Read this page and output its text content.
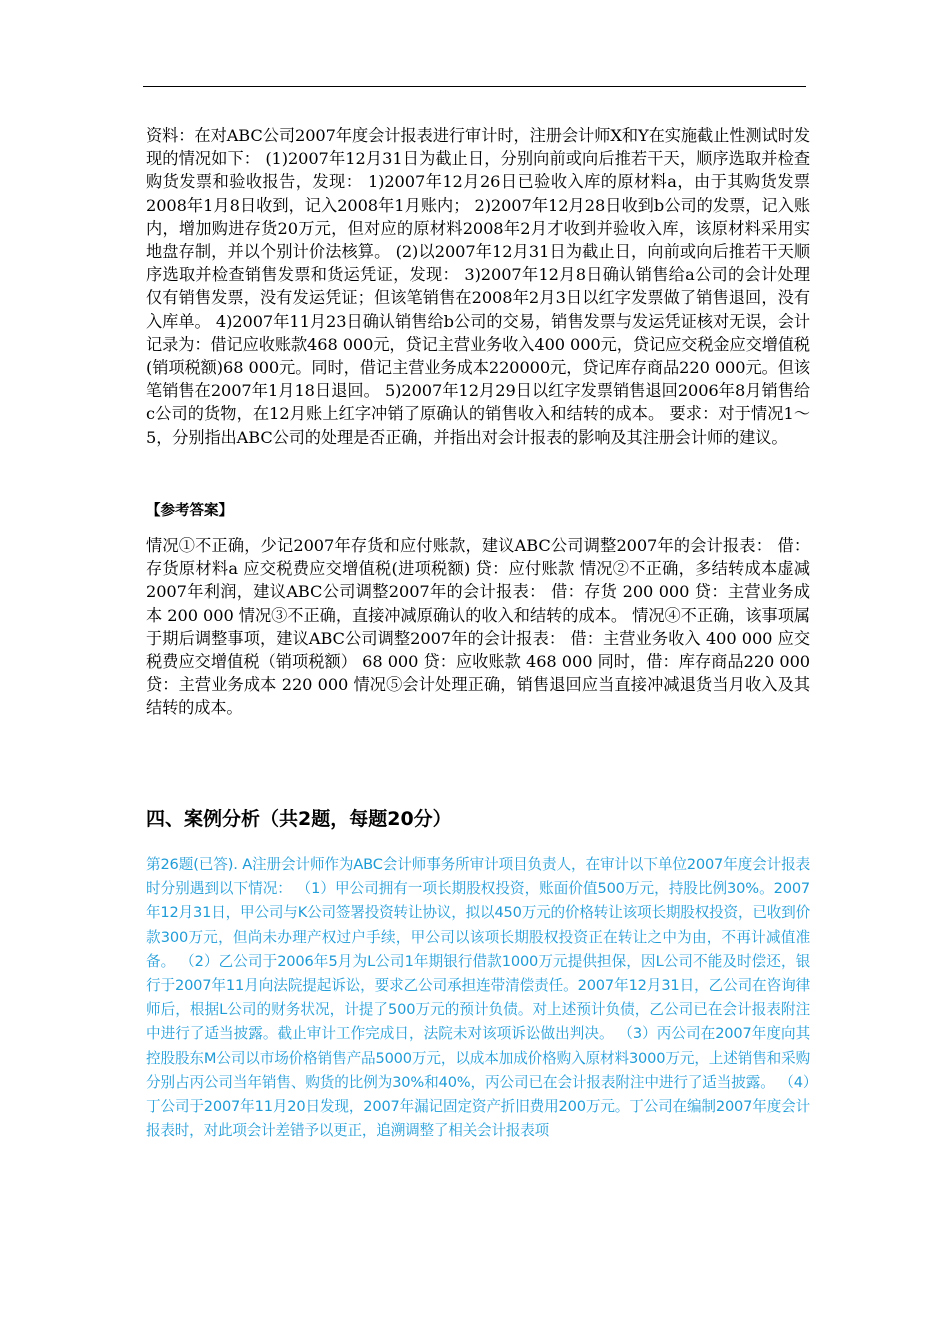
资料：在对ABC公司2007年度会计报表进行审计时，注册会计师X和Y在实施截止性测试时发现的情况如下： (1)2007年12月31日为截止日，分别向前或向后推若干天，顺序选取并检查购货发票和验收报告，发现： 1)2007年12月26日已验收入库的原材料a，由于其购货发票2008年1月8日收到，记入2008年1月账内； 2)2007年12月28日收到b公司的发票，记入账内，增加购进存货20万元，但对应的原材料2008年2月才收到并验收入库，该原材料采用实地盘存制，并以个别计价法核算。 (2)以2007年12月31日为截止日，向前或向后推若干天顺序选取并检查销售发票和货运凭证，发现： 3)2007年12月8日确认销售给a公司的会计处理仅有销售发票，没有发运凭证；但该笔销售在2008年2月3日以红字发票做了销售退回，没有入库单。 4)2007年11月23日确认销售给b公司的交易，销售发票与发运凭证核对无误，会计记录为：借记应收账款468 000元，贷记主营业务收入400 000元，贷记应交税金应交增值税(销项税额)68 000元。同时，借记主营业务成本220000元，贷记库存商品220 000元。但该笔销售在2007年1月18日退回。 5)2007年12月29日以红字发票销售退回2006年8月销售给c公司的货物，在12月账上红字冲销了原确认的销售收入和结转的成本。 要求：对于情况1～5，分别指出ABC公司的处理是否正确，并指出对会计报表的影响及其注册会计师的建议。

【参考答案】

情况①不正确，少记2007年存货和应付账款，建议ABC公司调整2007年的会计报表： 借：存货原材料a 应交税费应交增值税(进项税额) 贷：应付账款 情况②不正确，多结转成本虚减2007年利润，建议ABC公司调整2007年的会计报表： 借：存货 200 000 贷：主营业务成本 200 000 情况③不正确，直接冲减原确认的收入和结转的成本。 情况④不正确，该事项属于期后调整事项，建议ABC公司调整2007年的会计报表： 借：主营业务收入 400 000 应交税费应交增值税（销项税额） 68 000 贷：应收账款 468 000 同时，借：库存商品220 000 贷：主营业务成本 220 000 情况⑤会计处理正确，销售退回应当直接冲减退货当月收入及其结转的成本。

四、案例分析（共2题，每题20分）

第26题(已答). A注册会计师作为ABC会计师事务所审计项目负责人，在审计以下单位2007年度会计报表时分别遇到以下情况： （1）甲公司拥有一项长期股权投资，账面价值500万元，持股比例30%。2007年12月31日，甲公司与K公司签署投资转让协议，拟以450万元的价格转让该项长期股权投资，已收到价款300万元，但尚未办理产权过户手续，甲公司以该项长期股权投资正在转让之中为由，不再计减值准备。 （2）乙公司于2006年5月为L公司1年期银行借款1000万元提供担保，因L公司不能及时偿还，银行于2007年11月向法院提起诉讼，要求乙公司承担连带清偿责任。2007年12月31日，乙公司在咨询律师后，根据L公司的财务状况，计提了500万元的预计负债。对上述预计负债，乙公司已在会计报表附注中进行了适当披露。截止审计工作完成日，法院未对该项诉讼做出判决。 （3）丙公司在2007年度向其控股股东M公司以市场价格销售产品5000万元，以成本加成价格购入原材料3000万元，上述销售和采购分别占丙公司当年销售、购货的比例为30%和40%，丙公司已在会计报表附注中进行了适当披露。 （4）丁公司于2007年11月20日发现，2007年漏记固定资产折旧费用200万元。丁公司在编制2007年度会计报表时，对此项会计差错予以更正，追溯调整了相关会计报表项
